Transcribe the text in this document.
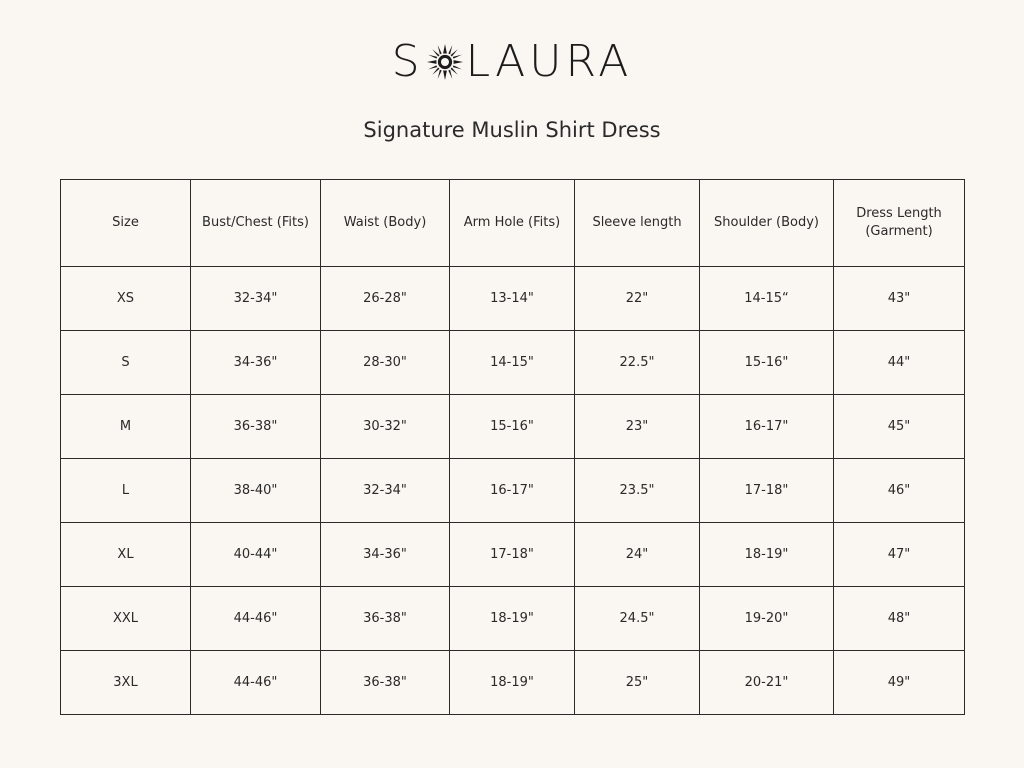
S LAURA
Signature Muslin Shirt Dress
Size	Bust/Chest (Fits)	Waist (Body)	Arm Hole (Fits)	Sleeve length	Shoulder (Body)	Dress Length (Garment)
XS	32-34"	26-28"	13-14"	22"	14-15“	43"
S	34-36"	28-30"	14-15"	22.5"	15-16"	44"
M	36-38"	30-32"	15-16"	23"	16-17"	45"
L	38-40"	32-34"	16-17"	23.5"	17-18"	46"
XL	40-44"	34-36"	17-18"	24"	18-19"	47"
XXL	44-46"	36-38"	18-19"	24.5"	19-20"	48"
3XL	44-46"	36-38"	18-19"	25"	20-21"	49"
